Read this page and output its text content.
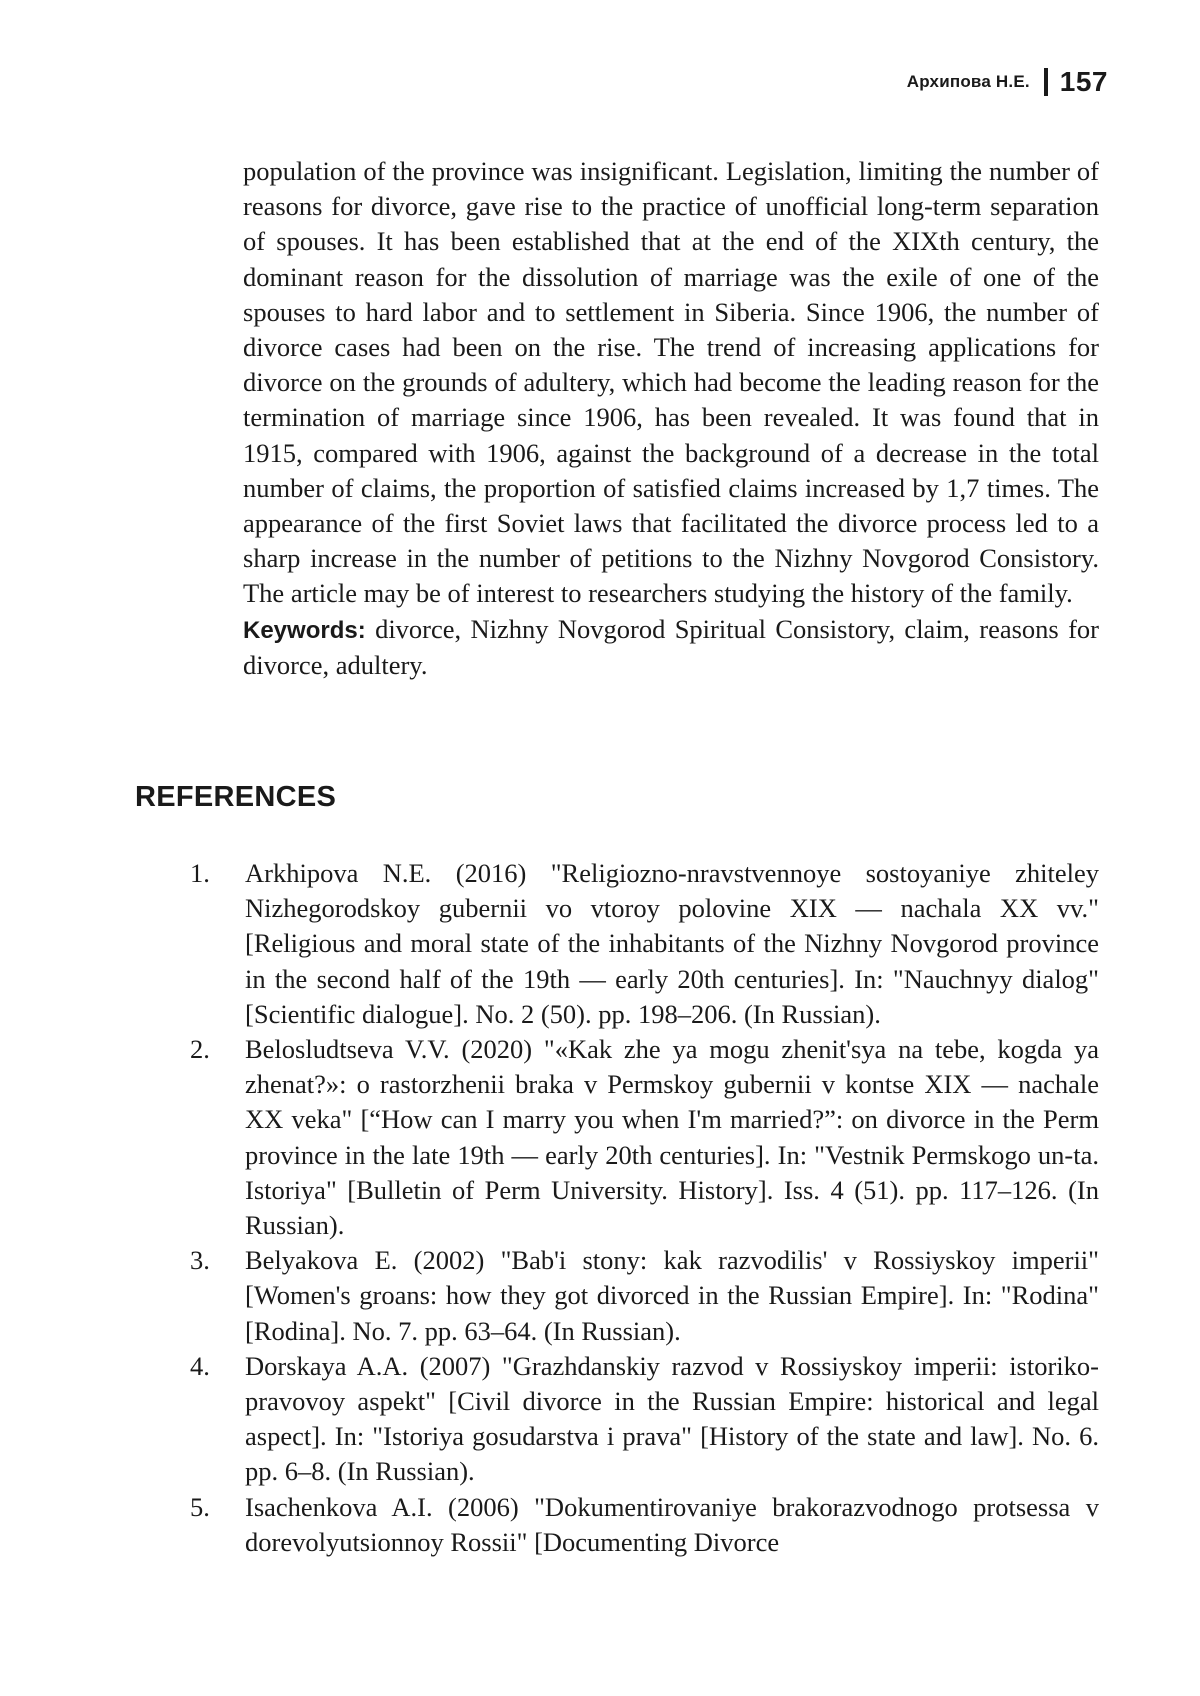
Архипова Н.Е. 157

population of the province was insignificant. Legislation, limiting the number of reasons for divorce, gave rise to the practice of unofficial long-term separation of spouses. It has been established that at the end of the XIXth century, the dominant reason for the dissolution of marriage was the exile of one of the spouses to hard labor and to settlement in Siberia. Since 1906, the number of divorce cases had been on the rise. The trend of increasing applications for divorce on the grounds of adultery, which had become the leading reason for the termination of marriage since 1906, has been revealed. It was found that in 1915, compared with 1906, against the background of a decrease in the total number of claims, the proportion of satisfied claims increased by 1,7 times. The appearance of the first Soviet laws that facilitated the divorce process led to a sharp increase in the number of petitions to the Nizhny Novgorod Consistory. The article may be of interest to researchers studying the history of the family.

Keywords: divorce, Nizhny Novgorod Spiritual Consistory, claim, reasons for divorce, adultery.

REFERENCES
1.	Arkhipova N.E. (2016) "Religiozno-nravstvennoye sostoyaniye zhiteley Nizhegorodskoy gubernii vo vtoroy polovine XIX — nachala XX vv." [Religious and moral state of the inhabitants of the Nizhny Novgorod province in the second half of the 19th — early 20th centuries]. In: "Nauchnyy dialog" [Scientific dialogue]. No. 2 (50). pp. 198–206. (In Russian).
2.	Belosludtseva V.V. (2020) "«Kak zhe ya mogu zhenit'sya na tebe, kogda ya zhenat?»: o rastorzhenii braka v Permskoy gubernii v kontse XIX — nachale XX veka" [“How can I marry you when I'm married?”: on divorce in the Perm province in the late 19th — early 20th centuries]. In: "Vestnik Permskogo un-ta. Istoriya" [Bulletin of Perm University. History]. Iss. 4 (51). pp. 117–126. (In Russian).
3.	Belyakova E. (2002) "Bab'i stony: kak razvodilis' v Rossiyskoy imperii" [Women's groans: how they got divorced in the Russian Empire]. In: "Rodina" [Rodina]. No. 7. pp. 63–64. (In Russian).
4.	Dorskaya A.A. (2007) "Grazhdanskiy razvod v Rossiyskoy imperii: istoriko-pravovoy aspekt" [Civil divorce in the Russian Empire: historical and legal aspect]. In: "Istoriya gosudarstva i prava" [History of the state and law]. No. 6. pp. 6–8. (In Russian).
5.	Isachenkova A.I. (2006) "Dokumentirovaniye brakorazvodnogo protsessa v dorevolyutsionnoy Rossii" [Documenting Divorce
